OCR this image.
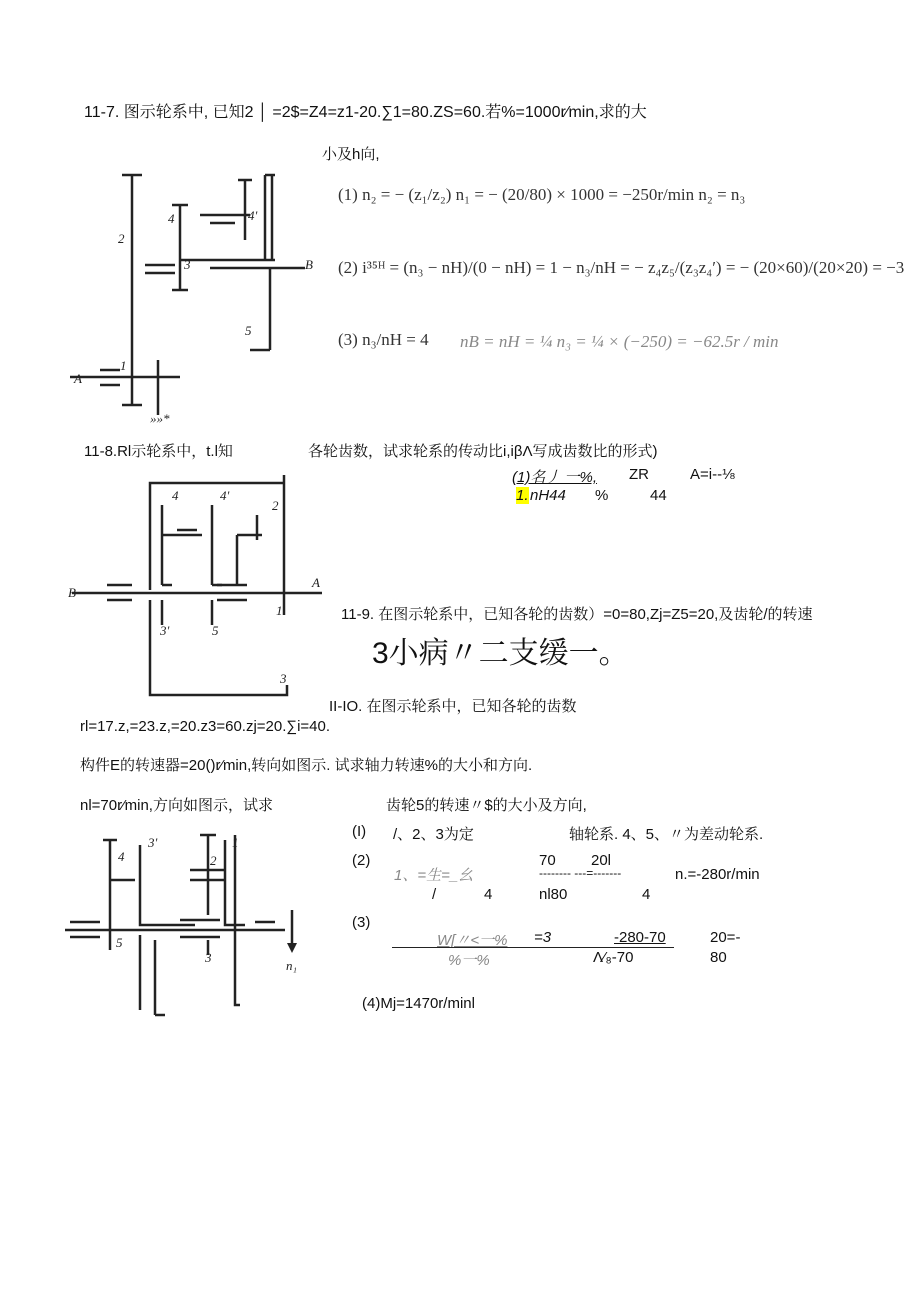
11-7. 图示轮系中, 已知2 │ =2$=Z4=z1-20.∑1=80.ZS=60.若%=1000r⁄min,求的大
小及h向,
(1) n₂ = − (z₁/z₂) n₁ = − (20/80) × 1000 = −250r/min n₂ = n₃
(2) i³⁵ᴴ = (n₃ − nH)/(0 − nH) = 1 − n₃/nH = − z₄z₅/(z₃z₄′) = − (20×60)/(20×20) = −3
(3) n₃/nH = 4 nB = nH = ¼ n₃ = ¼ × (−250) = −62.5r / min
2
4	4'
3	B
5
1
A
»»*
11-8.Rl示轮系中，t.l知	各轮齿数，试求轮系的传动比i,iβΛ写成齿数比的形式)
(1)名丿 一%, ZR	A=i--⅛
1. nH44 %	44
4	4'
2
B
A
3'	5
1
3
11-9. 在图示轮系中，已知各轮的齿数）=0=80,Zj=Z5=20,及齿轮/的转速
3小病〃二支缓一。
II-IO. 在图示轮系中，已知各轮的齿数
rl=17.z,=23.z,=20.z3=60.zj=20.∑i=40.
构件E的转速器=20()r⁄min,转向如图示. 试求轴力转速%的大小和方向.
nl=70r⁄min,方向如图示，试求	齿轮5的转速〃$的大小及方向,
(I) /、2、3为定	轴轮系. 4、5、〃为差动轮系.
(2)
1、=生=_幺
/	4
70 20l
-------- ---=-------
nl80	4
n.=-280r/min
(3)
W[〃<一% =3	-280-70	20=-
%一%	Λ⁄₈-70	80
(4)Mj=1470r/minl
3'
4	2
1
5
3
n₁
